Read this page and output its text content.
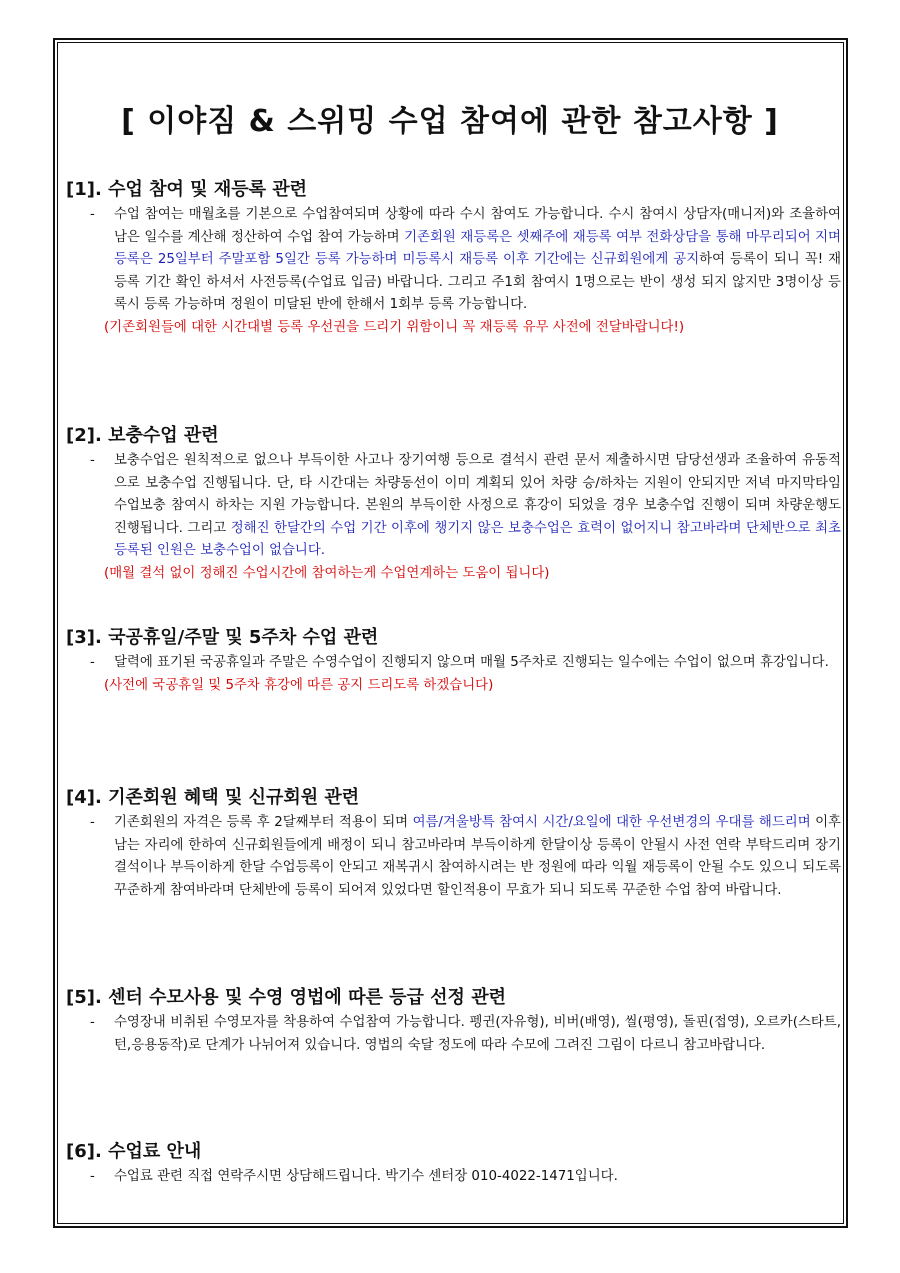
[ 이야짐 & 스위밍 수업 참여에 관한 참고사항 ]
[1]. 수업 참여 및 재등록 관련

- 수업 참여는 매월초를 기본으로 수업참여되며 상황에 따라 수시 참여도 가능합니다. 수시 참여시 상담자(매니저)와 조율하여 남은 일수를 계산해 정산하여 수업 참여 가능하며 기존회원 재등록은 셋째주에 재등록 여부 전화상담을 통해 마무리되어 지며 등록은 25일부터 주말포함 5일간 등록 가능하며 미등록시 재등록 이후 기간에는 신규회원에게 공지하여 등록이 되니 꼭! 재등록 기간 확인 하셔서 사전등록(수업료 입금) 바랍니다. 그리고 주1회 참여시 1명으로는 반이 생성 되지 않지만 3명이상 등록시 등록 가능하며 정원이 미달된 반에 한해서 1회부 등록 가능합니다.

(기존회원들에 대한 시간대별 등록 우선권을 드리기 위함이니 꼭 재등록 유무 사전에 전달바랍니다!)
[2]. 보충수업 관련

- 보충수업은 원칙적으로 없으나 부득이한 사고나 장기여행 등으로 결석시 관련 문서 제출하시면 담당선생과 조율하여 유동적으로 보충수업 진행됩니다. 단, 타 시간대는 차량동선이 이미 계획되 있어 차량 승/하차는 지원이 안되지만 저녁 마지막타임 수업보충 참여시 하차는 지원 가능합니다. 본원의 부득이한 사정으로 휴강이 되었을 경우 보충수업 진행이 되며 차량운행도 진행됩니다. 그리고 정해진 한달간의 수업 기간 이후에 챙기지 않은 보충수업은 효력이 없어지니 참고바라며 단체반으로 최초 등록된 인원은 보충수업이 없습니다.

(매월 결석 없이 정해진 수업시간에 참여하는게 수업연계하는 도움이 됩니다)
[3]. 국공휴일/주말 및 5주차 수업 관련

- 달력에 표기된 국공휴일과 주말은 수영수업이 진행되지 않으며 매월 5주차로 진행되는 일수에는 수업이 없으며 휴강입니다.

(사전에 국공휴일 및 5주차 휴강에 따른 공지 드리도록 하겠습니다)
[4]. 기존회원 혜택 및 신규회원 관련

- 기존회원의 자격은 등록 후 2달째부터 적용이 되며 여름/겨울방특 참여시 시간/요일에 대한 우선변경의 우대를 해드리며 이후 남는 자리에 한하여 신규회원들에게 배정이 되니 참고바라며 부득이하게 한달이상 등록이 안될시 사전 연락 부탁드리며 장기결석이나 부득이하게 한달 수업등록이 안되고 재복귀시 참여하시려는 반 정원에 따라 익월 재등록이 안될 수도 있으니 되도록 꾸준하게 참여바라며 단체반에 등록이 되어져 있었다면 할인적용이 무효가 되니 되도록 꾸준한 수업 참여 바랍니다.

[5]. 센터 수모사용 및 수영 영법에 따른 등급 선정 관련

- 수영장내 비취된 수영모자를 착용하여 수업참여 가능합니다. 펭귄(자유형), 비버(배영), 씰(평영), 돌핀(접영), 오르카(스타트,턴,응용동작)로 단계가 나뉘어져 있습니다. 영법의 숙달 정도에 따라 수모에 그려진 그림이 다르니 참고바랍니다.

[6]. 수업료 안내

- 수업료 관련 직접 연락주시면 상담해드립니다. 박기수 센터장 010-4022-1471입니다.
